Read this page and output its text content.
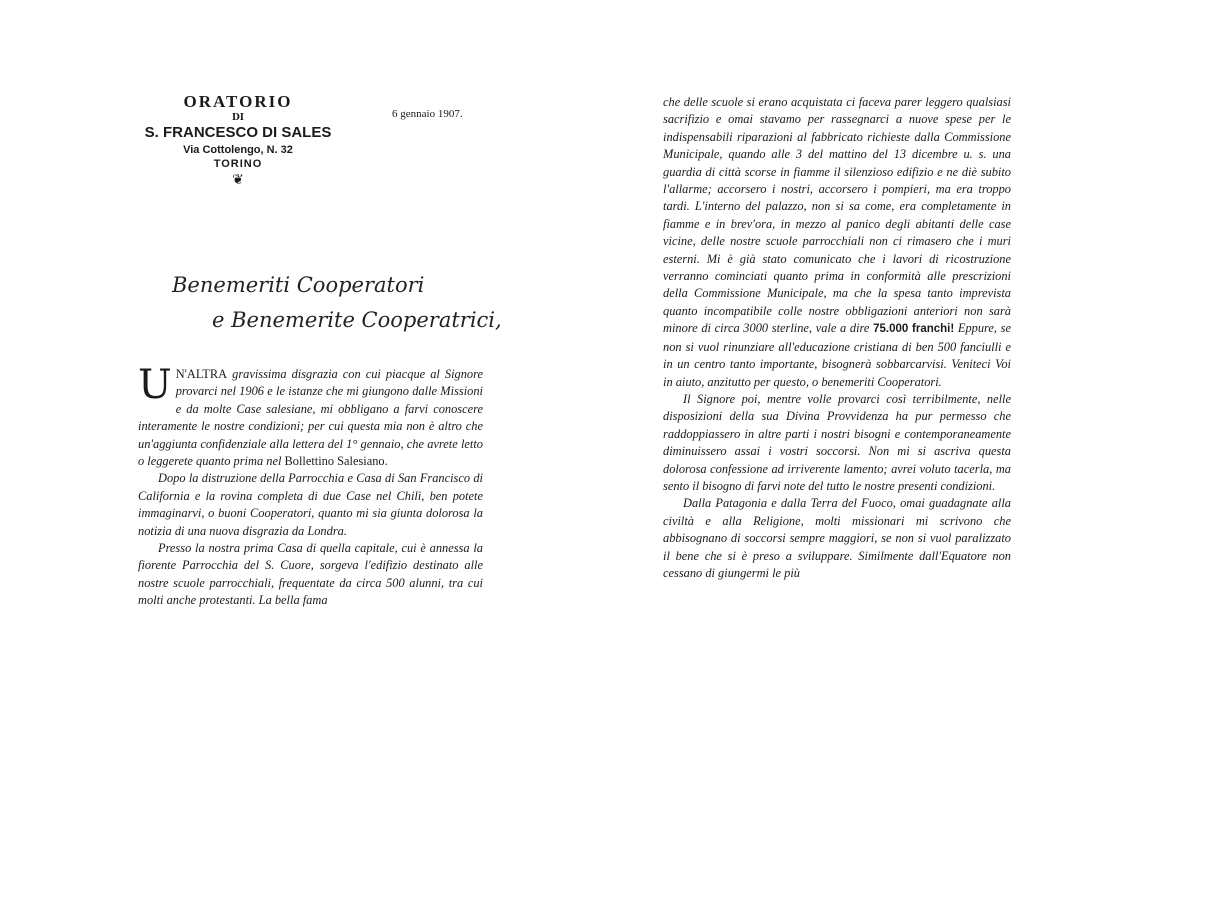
ORATORIO
DI
S. FRANCESCO DI SALES
Via Cottolengo, N. 32
TORINO
❦
6 gennaio 1907.
Benemeriti Cooperatori
e Benemerite Cooperatrici,

U N'ALTRA gravissima disgrazia con cui piacque al Signore provarci nel 1906 e le istanze che mi giungono dalle Missioni e da molte Case salesiane, mi obbligano a farvi conoscere interamente le nostre condizioni; per cui questa mia non è altro che un'aggiunta confidenziale alla lettera del 1° gennaio, che avrete letto o leggerete quanto prima nel Bollettino Salesiano.

Dopo la distruzione della Parrocchia e Casa di San Francisco di California e la rovina completa di due Case nel Chilì, ben potete immaginarvi, o buoni Cooperatori, quanto mi sia giunta dolorosa la notizia di una nuova disgrazia da Londra.

Presso la nostra prima Casa di quella capitale, cui è annessa la fiorente Parrocchia del S. Cuore, sorgeva l'edifizio destinato alle nostre scuole parrocchiali, frequentate da circa 500 alunni, tra cui molti anche protestanti. La bella fama

che delle scuole si erano acquistata ci faceva parer leggero qualsiasi sacrifizio e omai stavamo per rassegnarci a nuove spese per le indispensabili riparazioni al fabbricato richieste dalla Commissione Municipale, quando alle 3 del mattino del 13 dicembre u. s. una guardia di città scorse in fiamme il silenzioso edifizio e ne diè subito l'allarme; accorsero i nostri, accorsero i pompieri, ma era troppo tardi. L'interno del palazzo, non si sa come, era completamente in fiamme e in brev'ora, in mezzo al panico degli abitanti delle case vicine, delle nostre scuole parrocchiali non ci rimasero che i muri esterni. Mi è già stato comunicato che i lavori di ricostruzione verranno cominciati quanto prima in conformità alle prescrizioni della Commissione Municipale, ma che la spesa tanto imprevista quanto incompatibile colle nostre obbligazioni anteriori non sarà minore di circa 3000 sterline, vale a dire 75.000 franchi! Eppure, se non si vuol rinunziare all'educazione cristiana di ben 500 fanciulli e in un centro tanto importante, bisognerà sobbarcarvisi. Veniteci Voi in aiuto, anzitutto per questo, o benemeriti Cooperatori.

Il Signore poi, mentre volle provarci così terribilmente, nelle disposizioni della sua Divina Provvidenza ha pur permesso che raddoppiassero in altre parti i nostri bisogni e contemporaneamente diminuissero assai i vostri soccorsi. Non mi si ascriva questa dolorosa confessione ad irriverente lamento; avrei voluto tacerla, ma sento il bisogno di farvi note del tutto le nostre presenti condizioni.

Dalla Patagonia e dalla Terra del Fuoco, omai guadagnate alla civiltà e alla Religione, molti missionari mi scrivono che abbisognano di soccorsi sempre maggiori, se non si vuol paralizzato il bene che si è preso a sviluppare. Similmente dall'Equatore non cessano di giungermi le più
